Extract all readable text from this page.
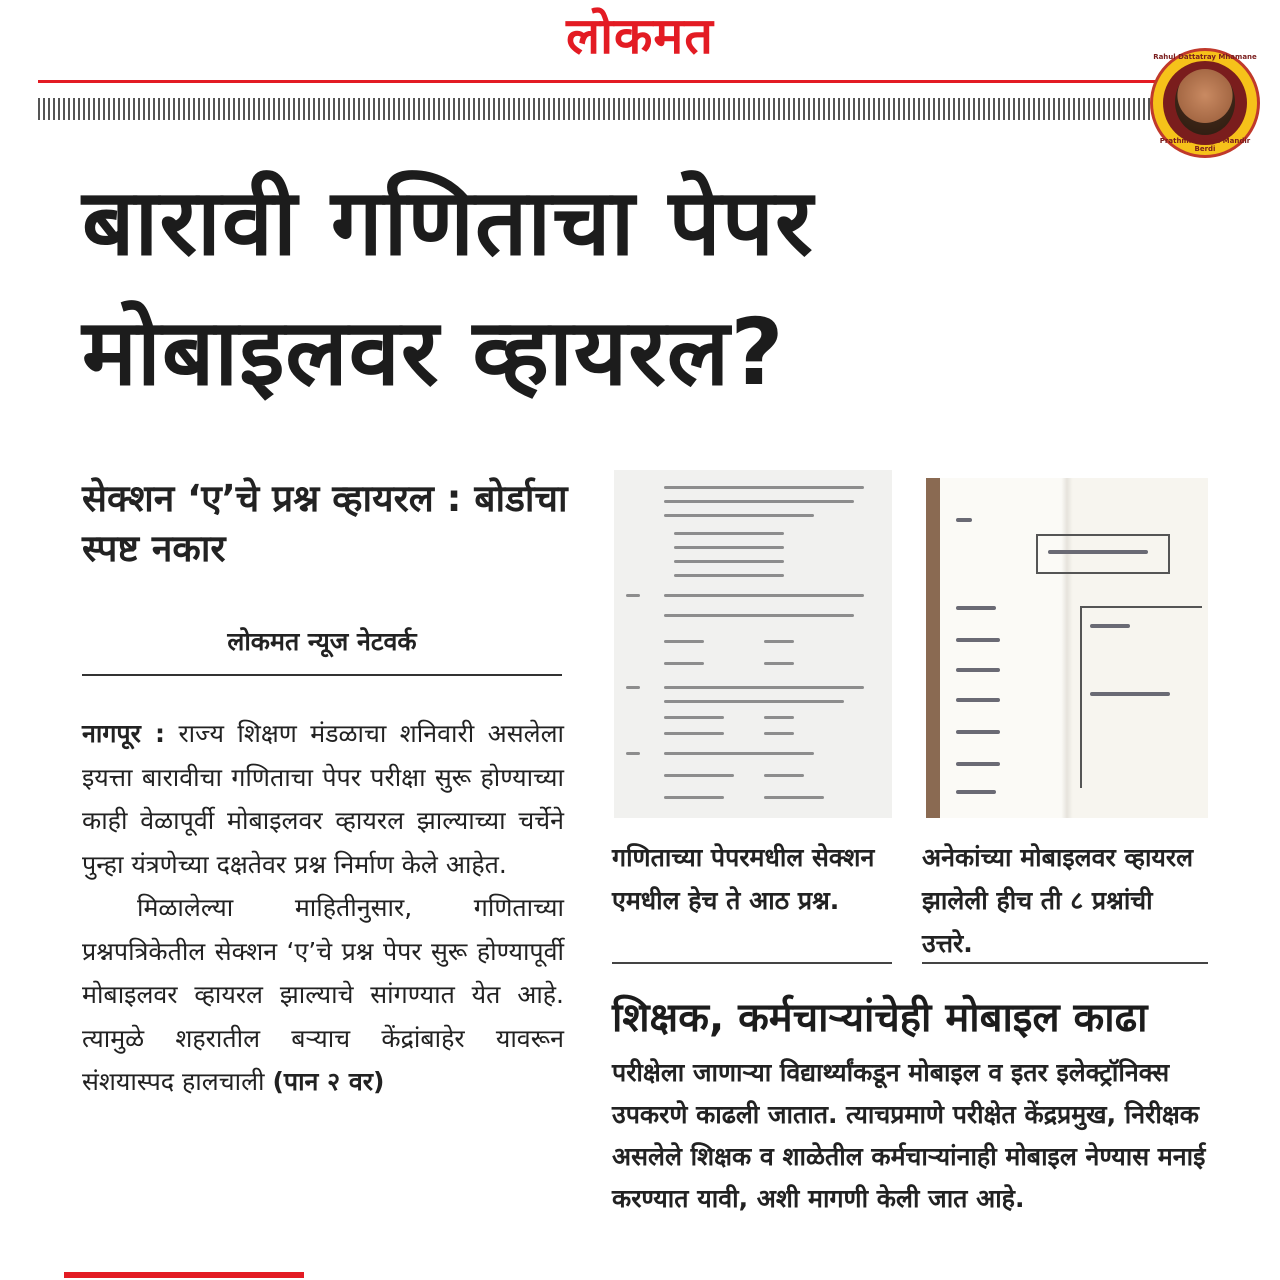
लोकमत	Rahul Dattatray Mhamane
Prathmik Vidya Mandir Berdi
बारावी गणिताचा पेपर मोबाइलवर व्हायरल?
सेक्शन ‘ए’चे प्रश्न व्हायरल : बोर्डाचा स्पष्ट नकार
लोकमत न्यूज नेटवर्क

नागपूर : राज्य शिक्षण मंडळाचा शनिवारी असलेला इयत्ता बारावीचा गणिताचा पेपर परीक्षा सुरू होण्याच्या काही वेळापूर्वी मोबाइलवर व्हायरल झाल्याच्या चर्चेने पुन्हा यंत्रणेच्या दक्षतेवर प्रश्न निर्माण केले आहेत.

मिळालेल्या माहितीनुसार, गणिताच्या प्रश्नपत्रिकेतील सेक्शन ‘ए’चे प्रश्न पेपर सुरू होण्यापूर्वी मोबाइलवर व्हायरल झाल्याचे सांगण्यात येत आहे. त्यामुळे शहरातील बऱ्याच केंद्रांबाहेर यावरून संशयास्पद हालचाली (पान २ वर)

गणिताच्या पेपरमधील सेक्शन एमधील हेच ते आठ प्रश्न.

अनेकांच्या मोबाइलवर व्हायरल झालेली हीच ती ८ प्रश्नांची उत्तरे.

शिक्षक, कर्मचाऱ्यांचेही मोबाइल काढा

परीक्षेला जाणाऱ्या विद्यार्थ्यांकडून मोबाइल व इतर इलेक्ट्रॉनिक्स उपकरणे काढली जातात. त्याचप्रमाणे परीक्षेत केंद्रप्रमुख, निरीक्षक असलेले शिक्षक व शाळेतील कर्मचाऱ्यांनाही मोबाइल नेण्यास मनाई करण्यात यावी, अशी मागणी केली जात आहे.
